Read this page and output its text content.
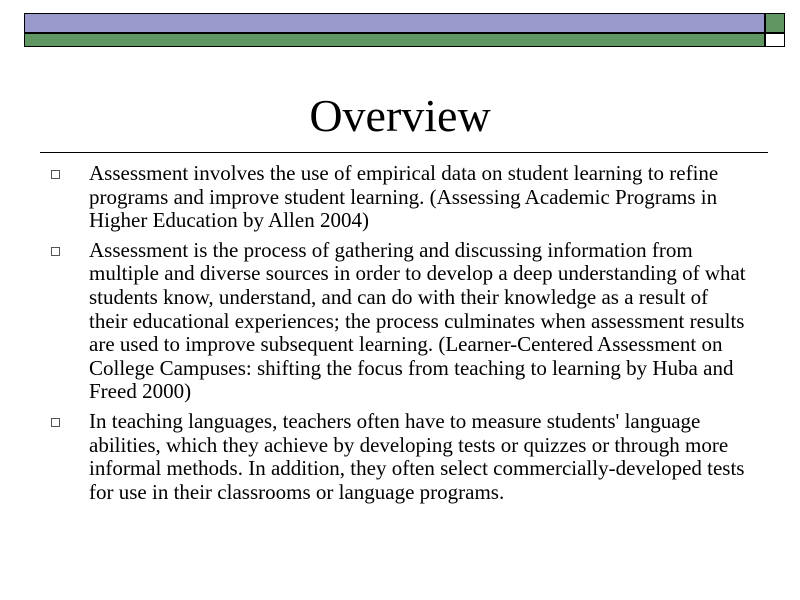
Overview
Assessment involves the use of empirical data on student learning to refine programs and improve student learning. (Assessing Academic Programs in Higher Education by Allen 2004)
Assessment is the process of gathering and discussing information from multiple and diverse sources in order to develop a deep understanding of what students know, understand, and can do with their knowledge as a result of their educational experiences; the process culminates when assessment results are used to improve subsequent learning. (Learner-Centered Assessment on College Campuses: shifting the focus from teaching to learning by Huba and Freed 2000)
In teaching languages, teachers often have to measure students' language abilities, which they achieve by developing tests or quizzes or through more informal methods. In addition, they often select commercially-developed tests for use in their classrooms or language programs.
